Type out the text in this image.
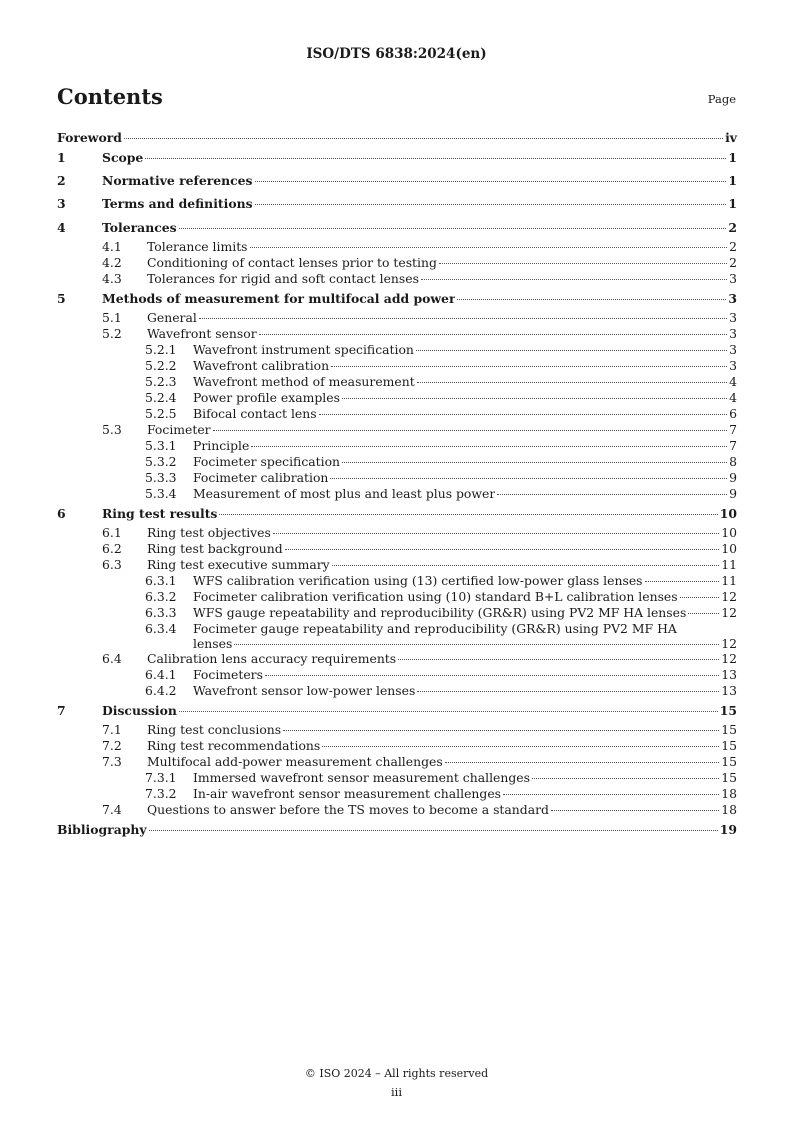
ISO/DTS 6838:2024(en)
Contents	Page
Foreword	iv
1	Scope	1
2	Normative references	1
3	Terms and definitions	1
4	Tolerances	2
4.1	Tolerance limits	2
4.2	Conditioning of contact lenses prior to testing	2
4.3	Tolerances for rigid and soft contact lenses	3
5	Methods of measurement for multifocal add power	3
5.1	General	3
5.2	Wavefront sensor	3
5.2.1	Wavefront instrument specification	3
5.2.2	Wavefront calibration	3
5.2.3	Wavefront method of measurement	4
5.2.4	Power profile examples	4
5.2.5	Bifocal contact lens	6
5.3	Focimeter	7
5.3.1	Principle	7
5.3.2	Focimeter specification	8
5.3.3	Focimeter calibration	9
5.3.4	Measurement of most plus and least plus power	9
6	Ring test results	10
6.1	Ring test objectives	10
6.2	Ring test background	10
6.3	Ring test executive summary	11
6.3.1	WFS calibration verification using (13) certified low-power glass lenses	11
6.3.2	Focimeter calibration verification using (10) standard B+L calibration lenses	12
6.3.3	WFS gauge repeatability and reproducibility (GR&R) using PV2 MF HA lenses	12
6.3.4	Focimeter gauge repeatability and reproducibility (GR&R) using PV2 MF HA
lenses	12
6.4	Calibration lens accuracy requirements	12
6.4.1	Focimeters	13
6.4.2	Wavefront sensor low-power lenses	13
7	Discussion	15
7.1	Ring test conclusions	15
7.2	Ring test recommendations	15
7.3	Multifocal add-power measurement challenges	15
7.3.1	Immersed wavefront sensor measurement challenges	15
7.3.2	In-air wavefront sensor measurement challenges	18
7.4	Questions to answer before the TS moves to become a standard	18
Bibliography	19
© ISO 2024 – All rights reserved
iii
